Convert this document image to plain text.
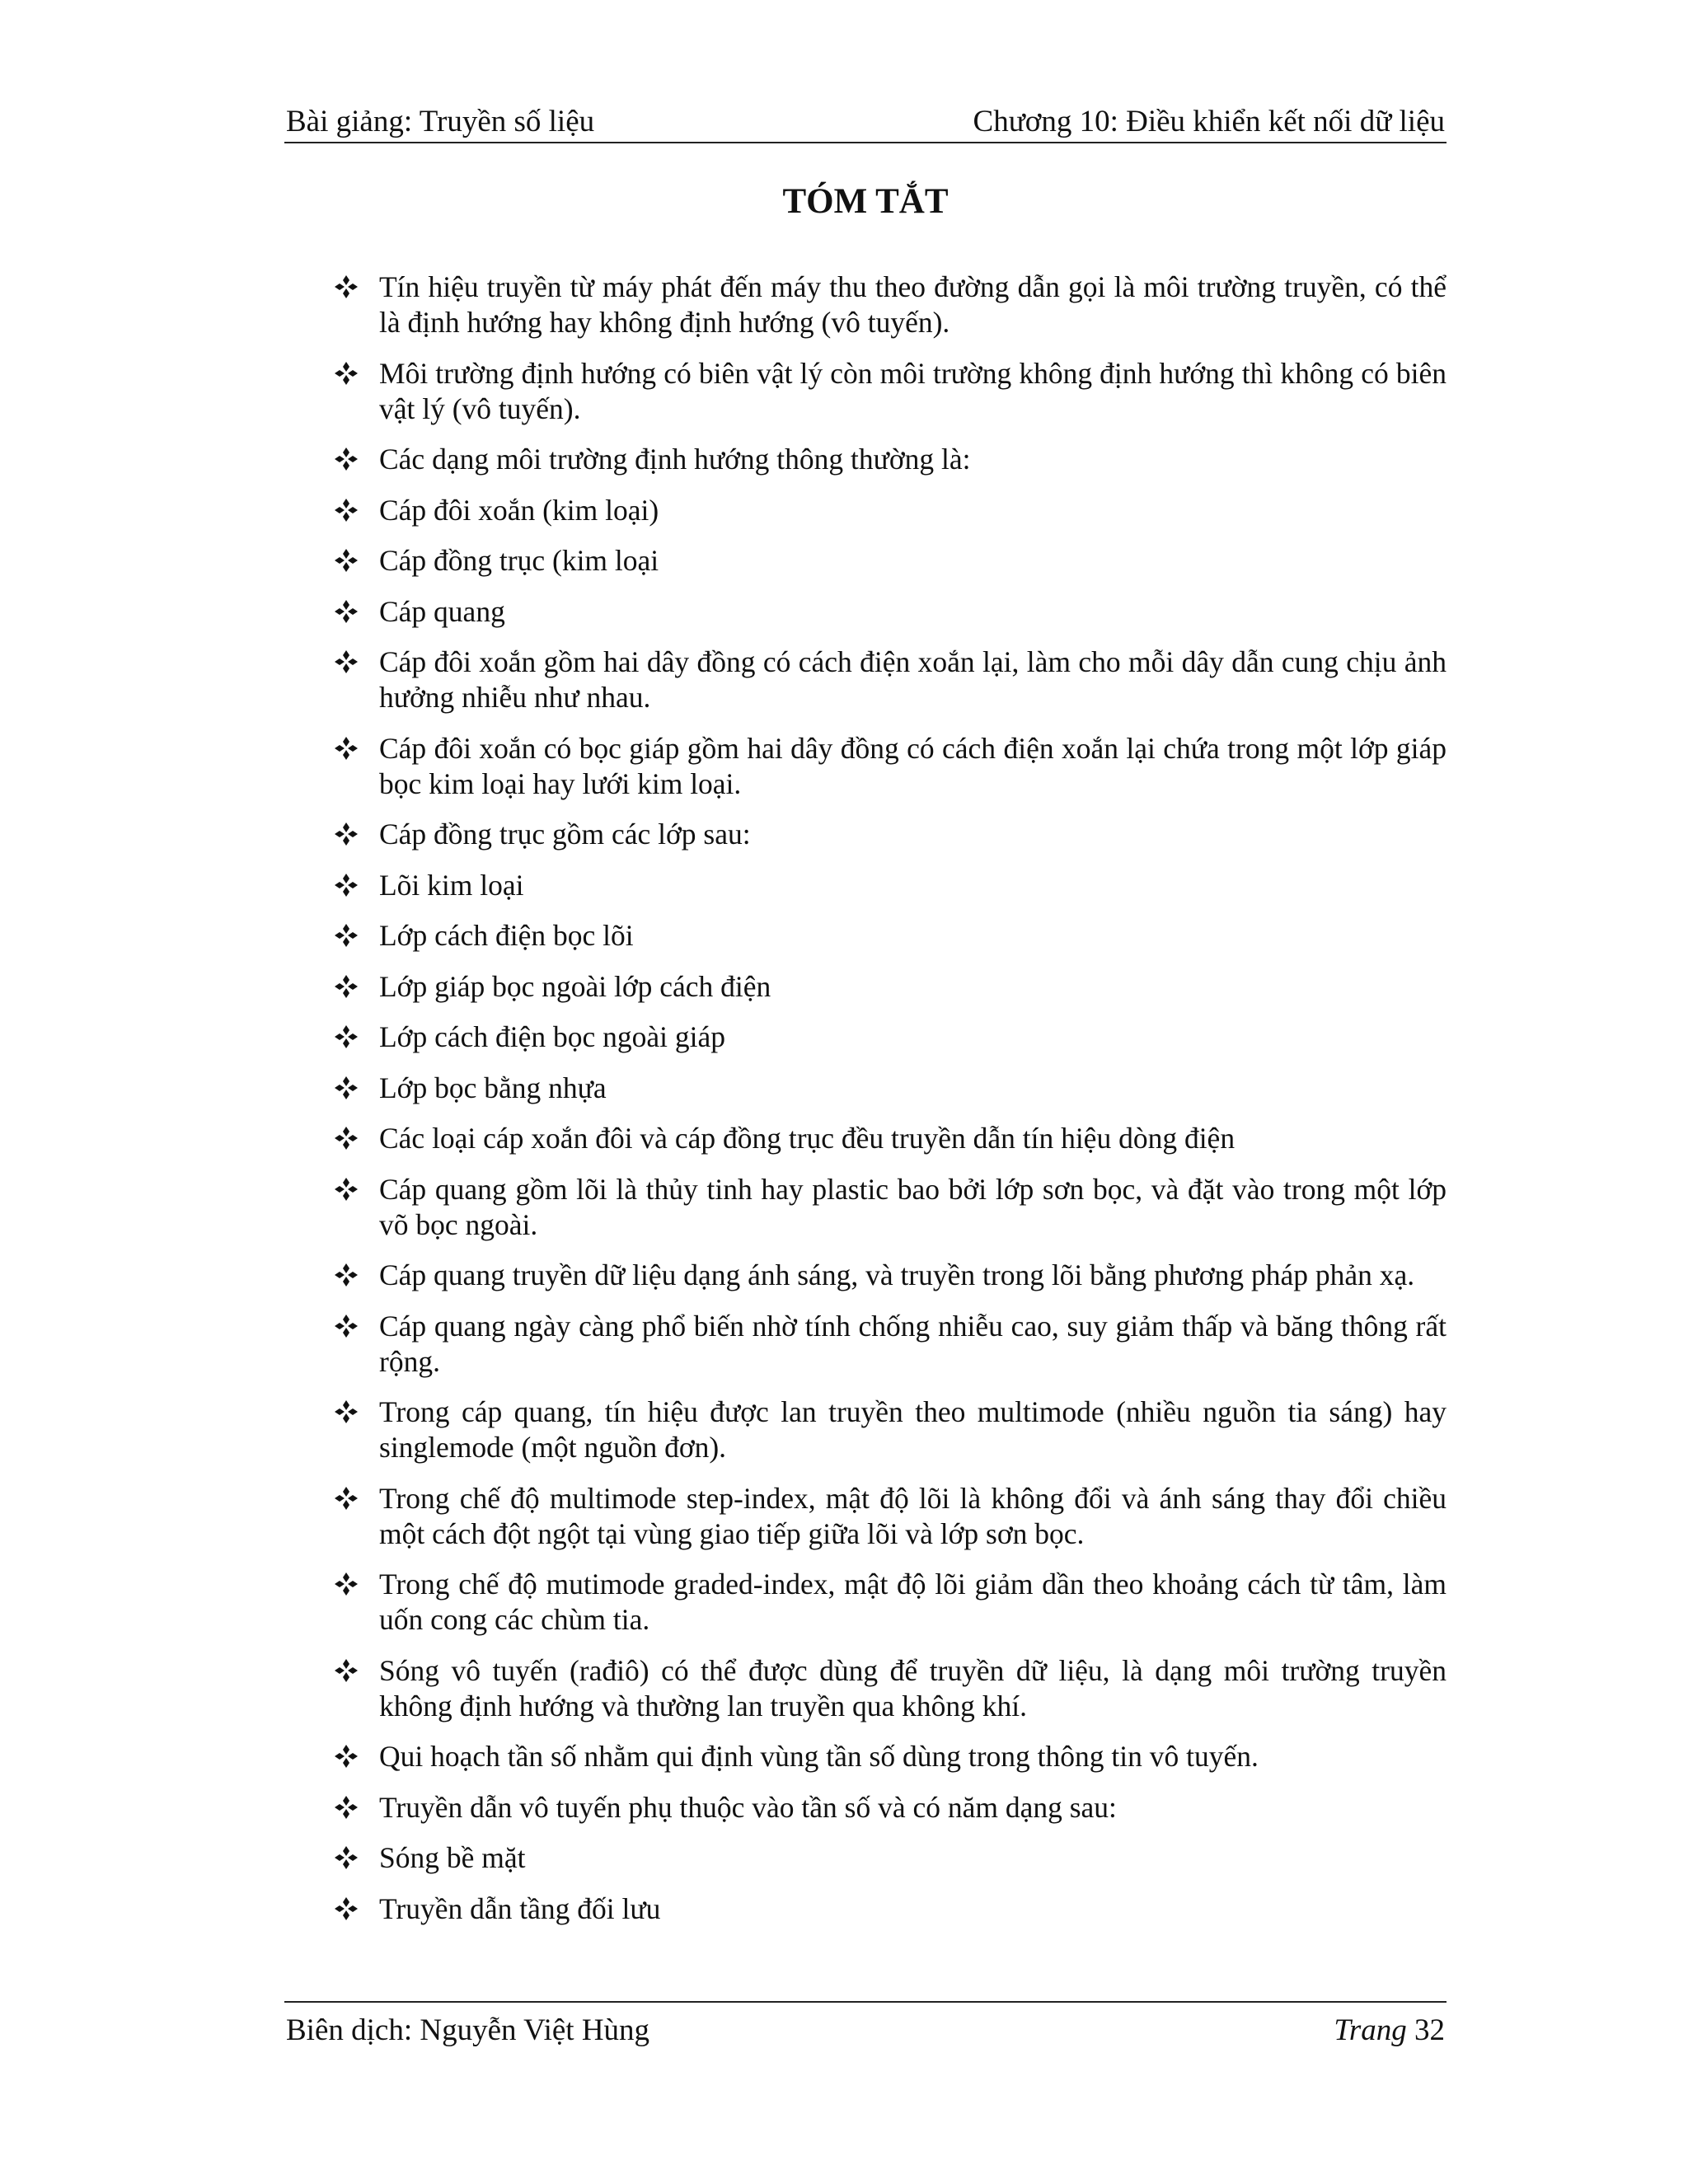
Bài giảng: Truyền số liệu	Chương 10: Điều khiển kết nối dữ liệu
TÓM TẮT
Tín hiệu truyền từ máy phát đến máy thu theo đường dẫn gọi là môi trường truyền, có thể là định hướng hay không định hướng (vô tuyến).
Môi trường định hướng có biên vật lý còn môi trường không định hướng thì không có biên vật lý (vô tuyến).
Các dạng môi trường định hướng thông thường là:
Cáp đôi xoắn (kim loại)
Cáp đồng trục (kim loại
Cáp quang
Cáp đôi xoắn gồm hai dây đồng có cách điện xoắn lại, làm cho mỗi dây dẫn cung chịu ảnh hưởng nhiễu như nhau.
Cáp đôi xoắn có bọc giáp gồm hai dây đồng có cách điện xoắn lại chứa trong một lớp giáp bọc kim loại hay lưới kim loại.
Cáp đồng trục gồm các lớp sau:
Lõi kim loại
Lớp cách điện bọc lõi
Lớp giáp bọc ngoài lớp cách điện
Lớp cách điện bọc ngoài giáp
Lớp bọc bằng nhựa
Các loại cáp xoắn đôi và cáp đồng trục đều truyền dẫn tín hiệu dòng điện
Cáp quang gồm lõi là thủy tinh hay plastic bao bởi lớp sơn bọc, và đặt vào trong một lớp võ bọc ngoài.
Cáp quang truyền dữ liệu dạng ánh sáng, và truyền trong lõi bằng phương pháp phản xạ.
Cáp quang ngày càng phổ biến nhờ tính chống nhiễu cao, suy giảm thấp và băng thông rất rộng.
Trong cáp quang, tín hiệu được lan truyền theo multimode (nhiều nguồn tia sáng) hay singlemode (một nguồn đơn).
Trong chế độ multimode step-index, mật độ lõi là không đổi và ánh sáng thay đổi chiều một cách đột ngột tại vùng giao tiếp giữa lõi và lớp sơn bọc.
Trong chế độ mutimode graded-index, mật độ lõi giảm dần theo khoảng cách từ tâm, làm uốn cong các chùm tia.
Sóng vô tuyến (rađiô) có thể được dùng để truyền dữ liệu, là dạng môi trường truyền không định hướng và thường lan truyền qua không khí.
Qui hoạch tần số nhằm qui định vùng tần số dùng trong thông tin vô tuyến.
Truyền dẫn vô tuyến phụ thuộc vào tần số và có năm dạng sau:
Sóng bề mặt
Truyền dẫn tầng đối lưu
Biên dịch: Nguyễn Việt Hùng	Trang 32
